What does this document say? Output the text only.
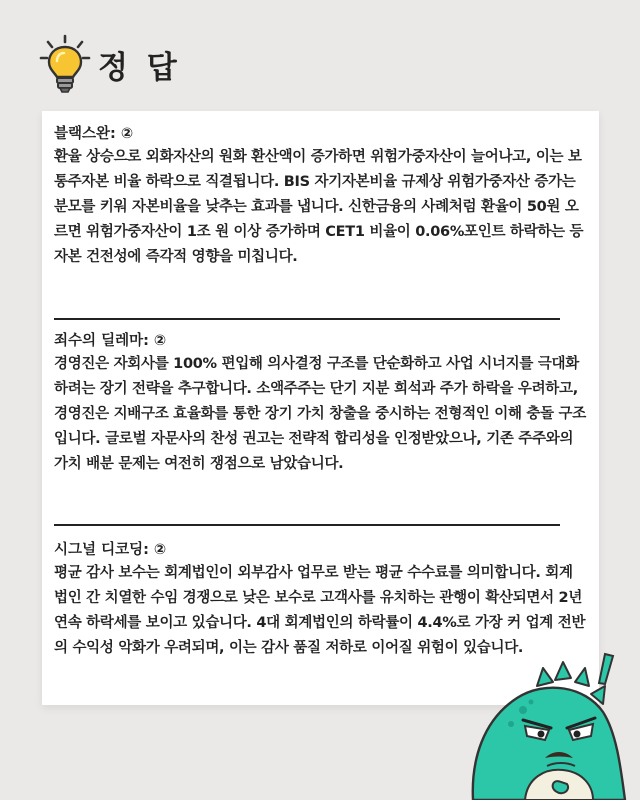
정 답

블랙스완: ②

환율 상승으로 외화자산의 원화 환산액이 증가하면 위험가중자산이 늘어나고, 이는 보통주자본 비율 하락으로 직결됩니다. BIS 자기자본비율 규제상 위험가중자산 증가는 분모를 키워 자본비율을 낮추는 효과를 냅니다. 신한금융의 사례처럼 환율이 50원 오르면 위험가중자산이 1조 원 이상 증가하며 CET1 비율이 0.06%포인트 하락하는 등 자본 건전성에 즉각적 영향을 미칩니다.

죄수의 딜레마: ②

경영진은 자회사를 100% 편입해 의사결정 구조를 단순화하고 사업 시너지를 극대화하려는 장기 전략을 추구합니다. 소액주주는 단기 지분 희석과 주가 하락을 우려하고, 경영진은 지배구조 효율화를 통한 장기 가치 창출을 중시하는 전형적인 이해 충돌 구조입니다. 글로벌 자문사의 찬성 권고는 전략적 합리성을 인정받았으나, 기존 주주와의 가치 배분 문제는 여전히 쟁점으로 남았습니다.

시그널 디코딩: ②

평균 감사 보수는 회계법인이 외부감사 업무로 받는 평균 수수료를 의미합니다. 회계법인 간 치열한 수임 경쟁으로 낮은 보수로 고객사를 유치하는 관행이 확산되면서 2년 연속 하락세를 보이고 있습니다. 4대 회계법인의 하락률이 4.4%로 가장 커 업계 전반의 수익성 악화가 우려되며, 이는 감사 품질 저하로 이어질 위험이 있습니다.
